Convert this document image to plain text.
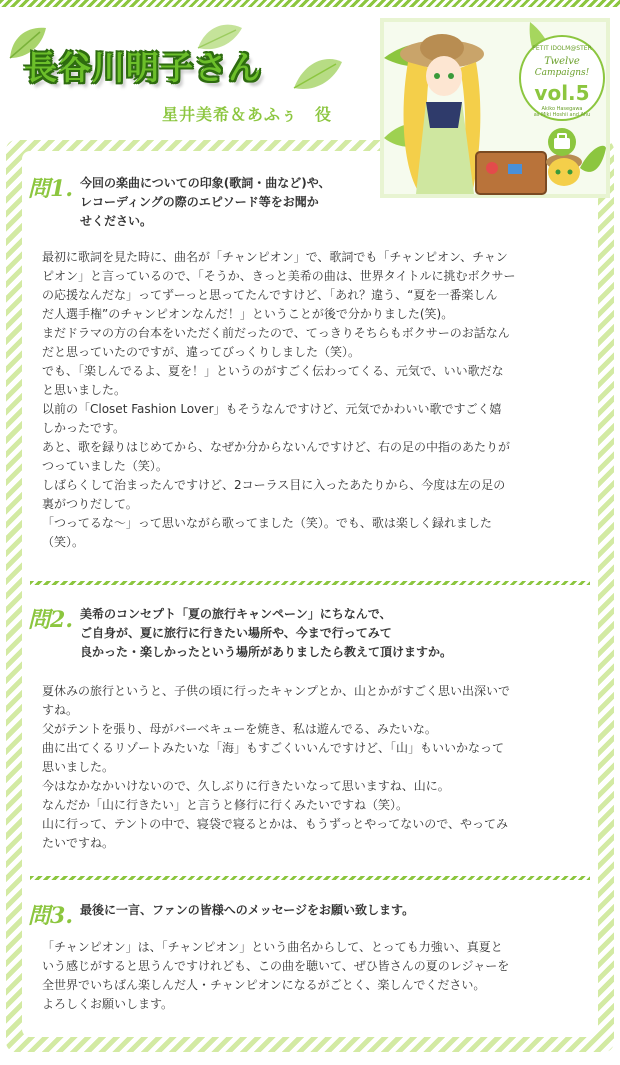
長谷川明子さん
星井美希＆あふぅ　役
PETIT IDOLM@STER
Twelve
Campaigns!
vol.5
Akiko Hasegawa
as Miki Hoshii and Ahu
問1. 今回の楽曲についての印象(歌詞・曲など)や、
レコーディングの際のエピソード等をお聞か
せください。

最初に歌詞を見た時に、曲名が「チャンピオン」で、歌詞でも「チャンピオン、チャン

ピオン」と言っているので、「そうか、きっと美希の曲は、世界タイトルに挑むボクサー

の応援なんだな」ってずーっと思ってたんですけど、「あれ？違う、“夏を一番楽しん

だ人選手権”のチャンピオンなんだ！」ということが後で分かりました(笑)。

まだドラマの方の台本をいただく前だったので、てっきりそちらもボクサーのお話なん

だと思っていたのですが、違ってびっくりしました（笑）。

でも、「楽しんでるよ、夏を！」というのがすごく伝わってくる、元気で、いい歌だな

と思いました。

以前の「Closet Fashion Lover」もそうなんですけど、元気でかわいい歌ですごく嬉

しかったです。

あと、歌を録りはじめてから、なぜか分からないんですけど、右の足の中指のあたりが

つっていました（笑）。

しばらくして治まったんですけど、2コーラス目に入ったあたりから、今度は左の足の

裏がつりだして。

「つってるな～」って思いながら歌ってました（笑）。でも、歌は楽しく録れました

（笑）。

問2. 美希のコンセプト「夏の旅行キャンペーン」にちなんで、
ご自身が、夏に旅行に行きたい場所や、今まで行ってみて
良かった・楽しかったという場所がありましたら教えて頂けますか。

夏休みの旅行というと、子供の頃に行ったキャンプとか、山とかがすごく思い出深いで

すね。

父がテントを張り、母がバーベキューを焼き、私は遊んでる、みたいな。

曲に出てくるリゾートみたいな「海」もすごくいいんですけど、「山」もいいかなって

思いました。

今はなかなかいけないので、久しぶりに行きたいなって思いますね、山に。

なんだか「山に行きたい」と言うと修行に行くみたいですね（笑）。

山に行って、テントの中で、寝袋で寝るとかは、もうずっとやってないので、やってみ

たいですね。

問3. 最後に一言、ファンの皆様へのメッセージをお願い致します。

「チャンピオン」は、「チャンピオン」という曲名からして、とっても力強い、真夏と

いう感じがすると思うんですけれども、この曲を聴いて、ぜひ皆さんの夏のレジャーを

全世界でいちばん楽しんだ人・チャンピオンになるがごとく、楽しんでください。

よろしくお願いします。
